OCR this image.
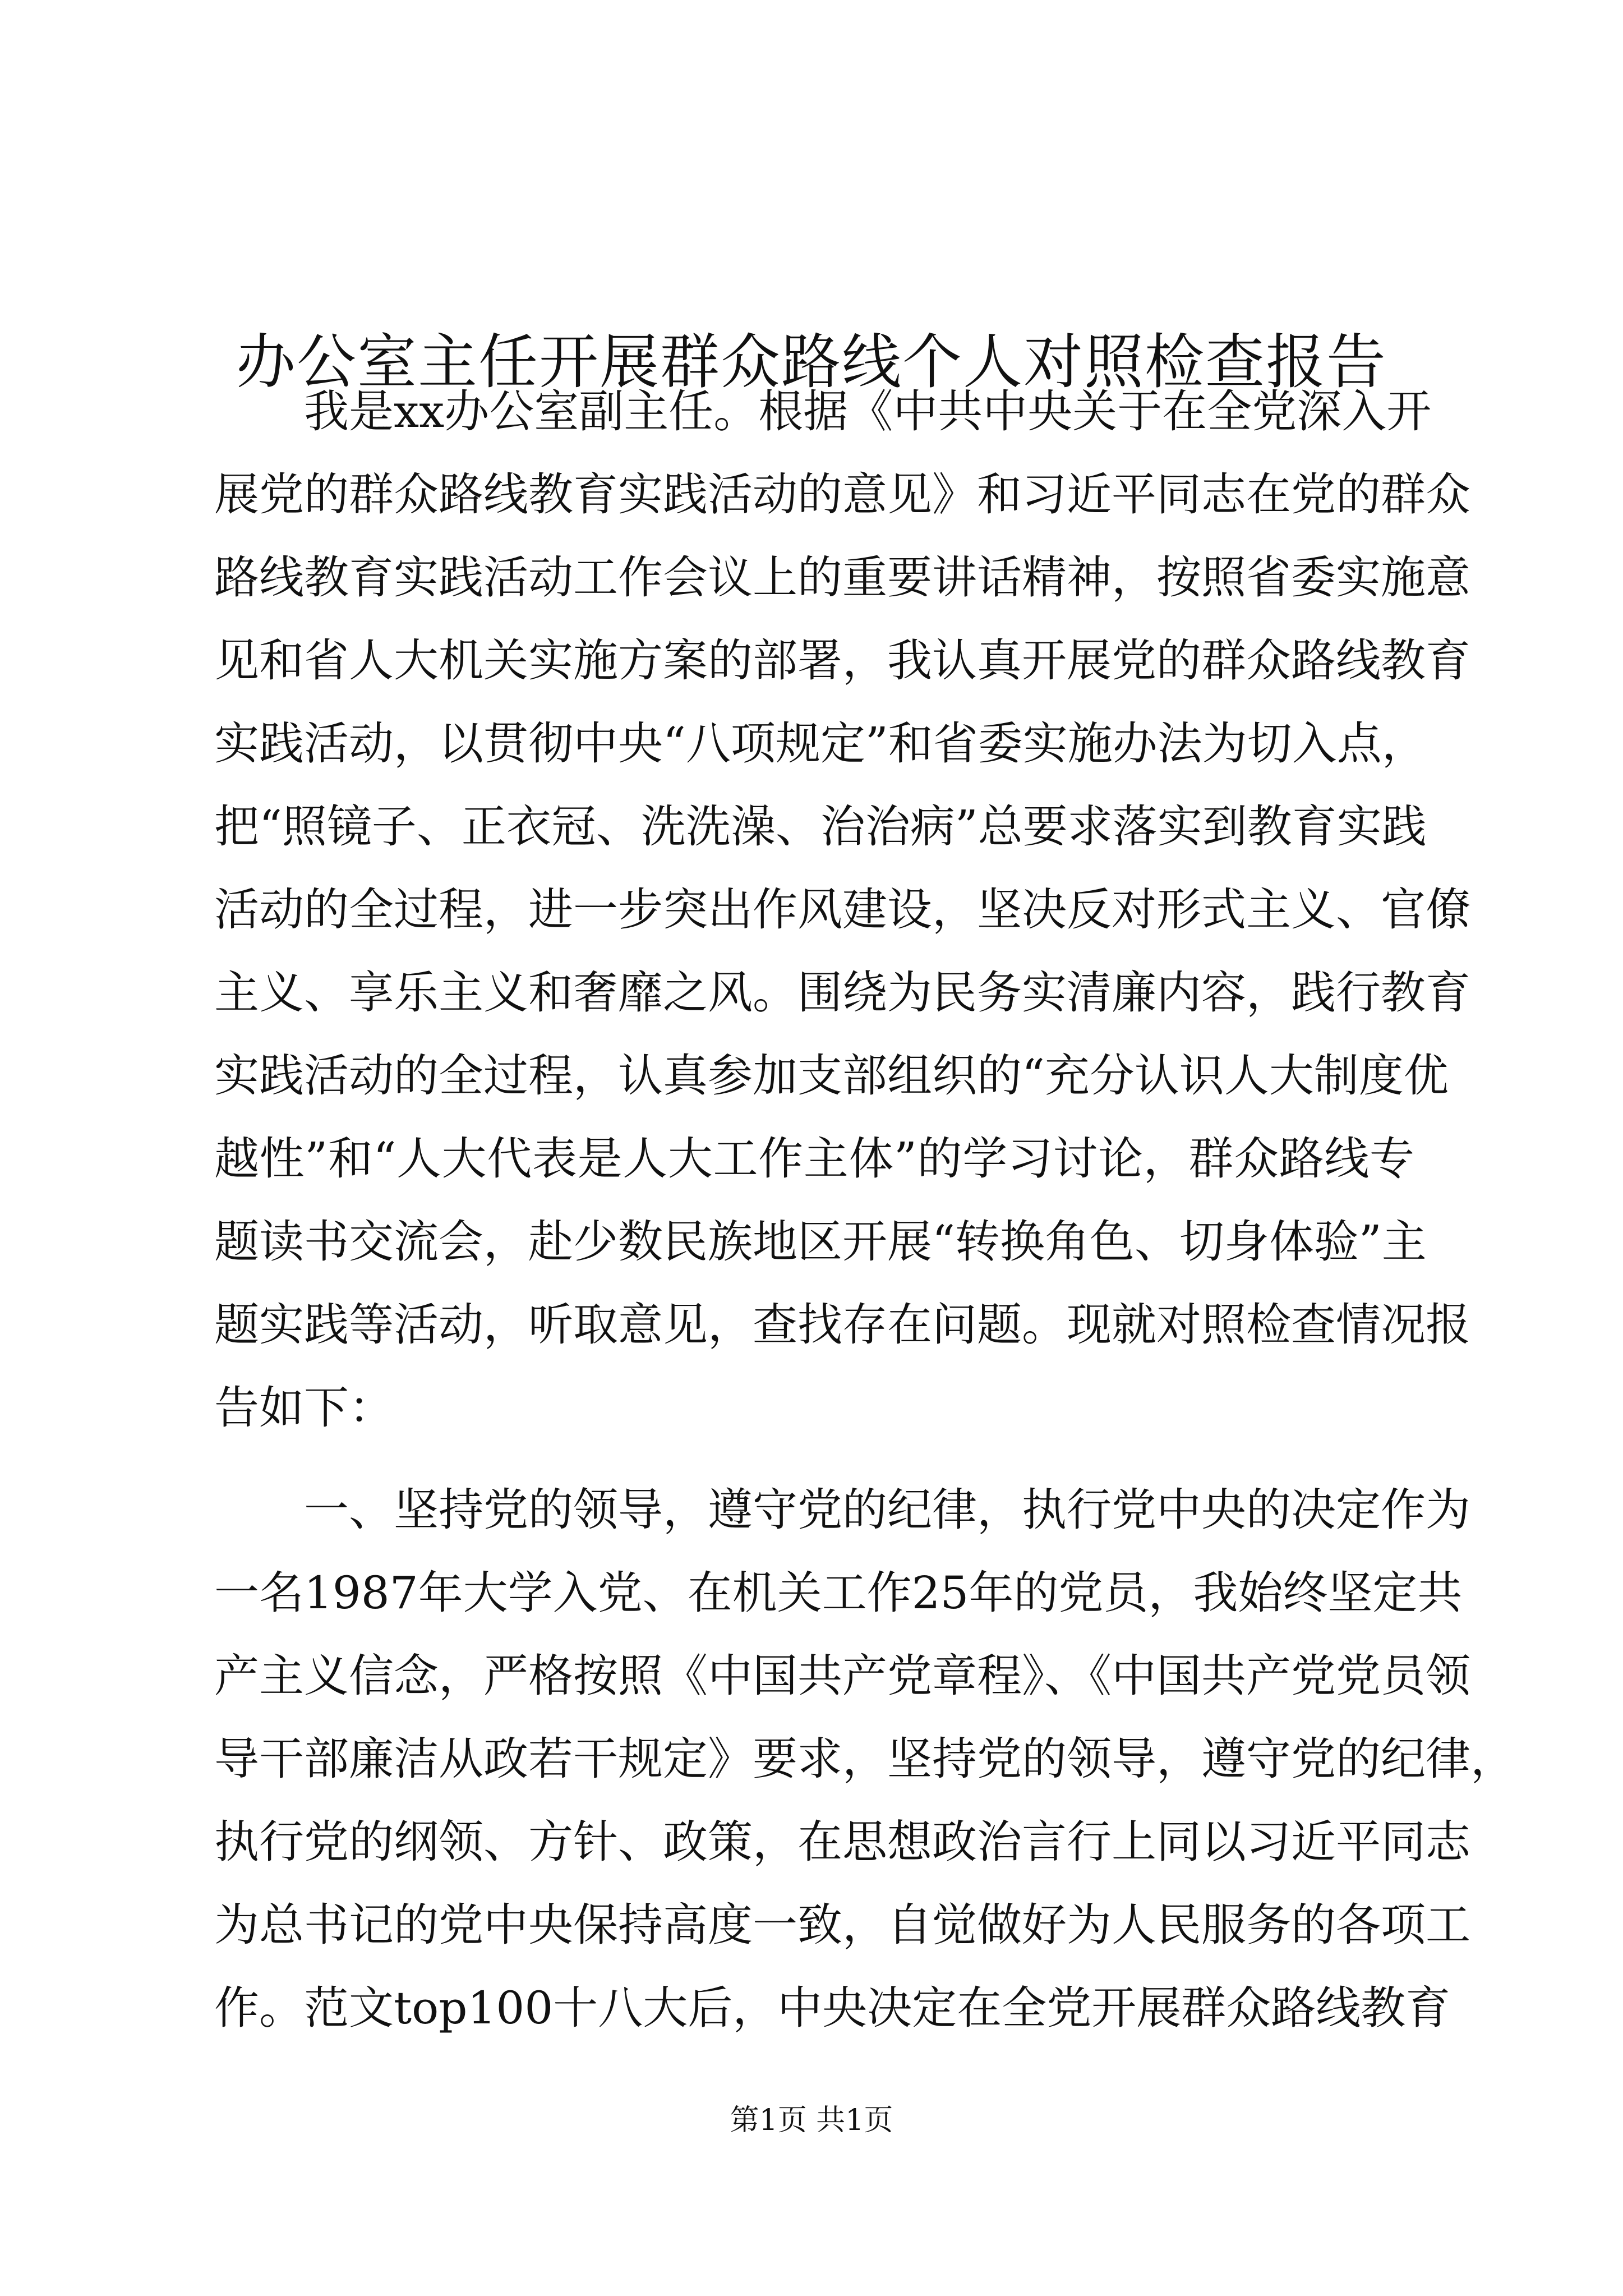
办公室主任开展群众路线个人对照检查报告
我是xx办公室副主任。根据《中共中央关于在全党深入开
展党的群众路线教育实践活动的意见》和习近平同志在党的群众
路线教育实践活动工作会议上的重要讲话精神，按照省委实施意
见和省人大机关实施方案的部署，我认真开展党的群众路线教育
实践活动，以贯彻中央“八项规定”和省委实施办法为切入点，
把“照镜子、正衣冠、洗洗澡、治治病”总要求落实到教育实践
活动的全过程，进一步突出作风建设，坚决反对形式主义、官僚
主义、享乐主义和奢靡之风。围绕为民务实清廉内容，践行教育
实践活动的全过程，认真参加支部组织的“充分认识人大制度优
越性”和“人大代表是人大工作主体”的学习讨论，群众路线专
题读书交流会，赴少数民族地区开展“转换角色、切身体验”主
题实践等活动，听取意见，查找存在问题。现就对照检查情况报
告如下：
一、坚持党的领导，遵守党的纪律，执行党中央的决定作为
一名1987年大学入党、在机关工作25年的党员，我始终坚定共
产主义信念，严格按照《中国共产党章程》、《中国共产党党员领
导干部廉洁从政若干规定》要求，坚持党的领导，遵守党的纪律，
执行党的纲领、方针、政策，在思想政治言行上同以习近平同志
为总书记的党中央保持高度一致，自觉做好为人民服务的各项工
作。范文top100十八大后，中央决定在全党开展群众路线教育
第1页 共1页
